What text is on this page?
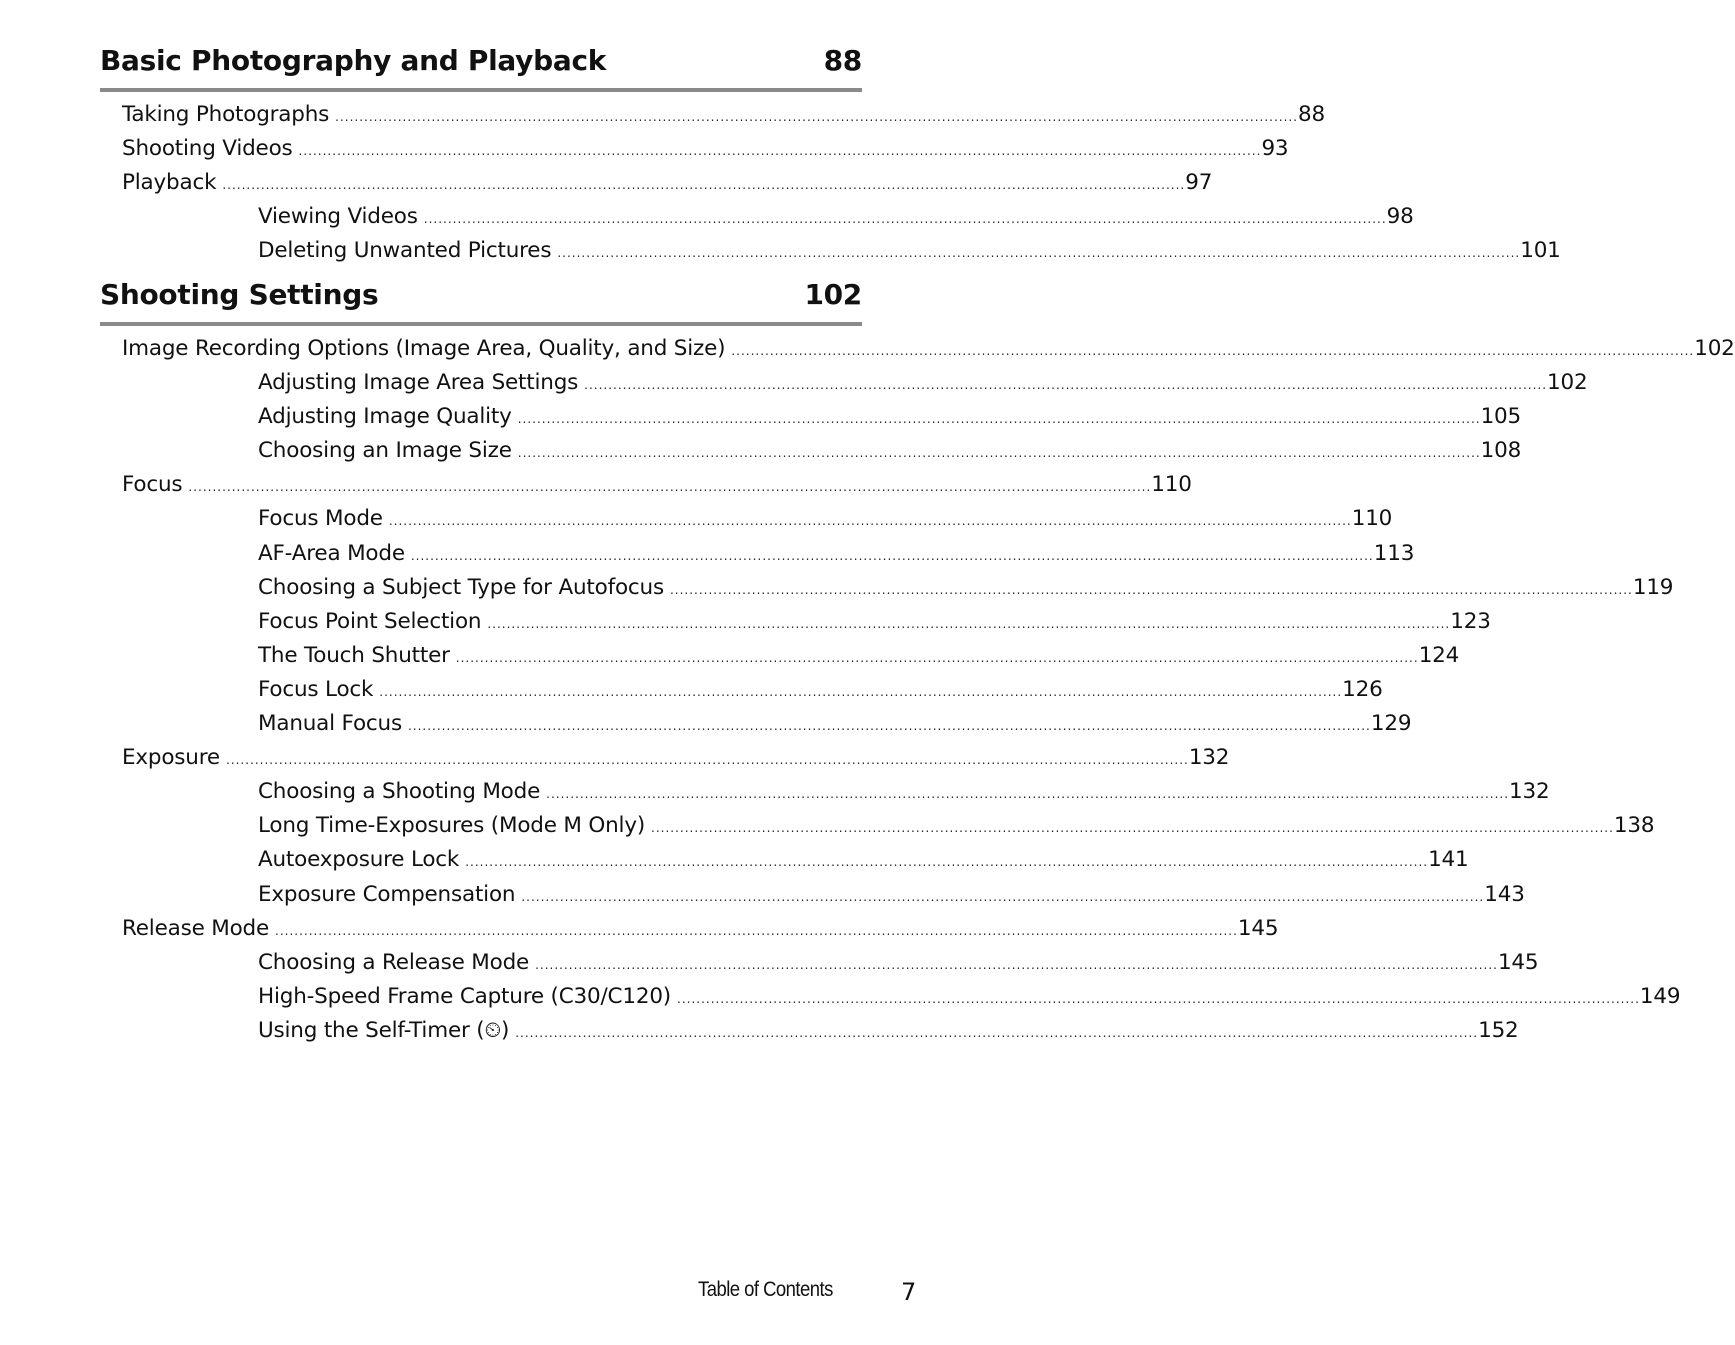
Basic Photography and Playback	88
Taking Photographs ........................................................................................................................................................................................................ 88
Shooting Videos ........................................................................................................................................................................................................ 93
Playback ........................................................................................................................................................................................................ 97
Viewing Videos ........................................................................................................................................................................................................ 98
Deleting Unwanted Pictures ........................................................................................................................................................................................................ 101
Shooting Settings	102
Image Recording Options (Image Area, Quality, and Size) ........................................................................................................................................................................................................ 102
Adjusting Image Area Settings ........................................................................................................................................................................................................ 102
Adjusting Image Quality ........................................................................................................................................................................................................ 105
Choosing an Image Size ........................................................................................................................................................................................................ 108
Focus ........................................................................................................................................................................................................ 110
Focus Mode ........................................................................................................................................................................................................ 110
AF-Area Mode ........................................................................................................................................................................................................ 113
Choosing a Subject Type for Autofocus ........................................................................................................................................................................................................ 119
Focus Point Selection ........................................................................................................................................................................................................ 123
The Touch Shutter ........................................................................................................................................................................................................ 124
Focus Lock ........................................................................................................................................................................................................ 126
Manual Focus ........................................................................................................................................................................................................ 129
Exposure ........................................................................................................................................................................................................ 132
Choosing a Shooting Mode ........................................................................................................................................................................................................ 132
Long Time-Exposures (Mode M Only) ........................................................................................................................................................................................................ 138
Autoexposure Lock ........................................................................................................................................................................................................ 141
Exposure Compensation ........................................................................................................................................................................................................ 143
Release Mode ........................................................................................................................................................................................................ 145
Choosing a Release Mode ........................................................................................................................................................................................................ 145
High-Speed Frame Capture (C30/C120) ........................................................................................................................................................................................................ 149
Using the Self-Timer (⏲) ........................................................................................................................................................................................................ 152
Table of Contents	7
